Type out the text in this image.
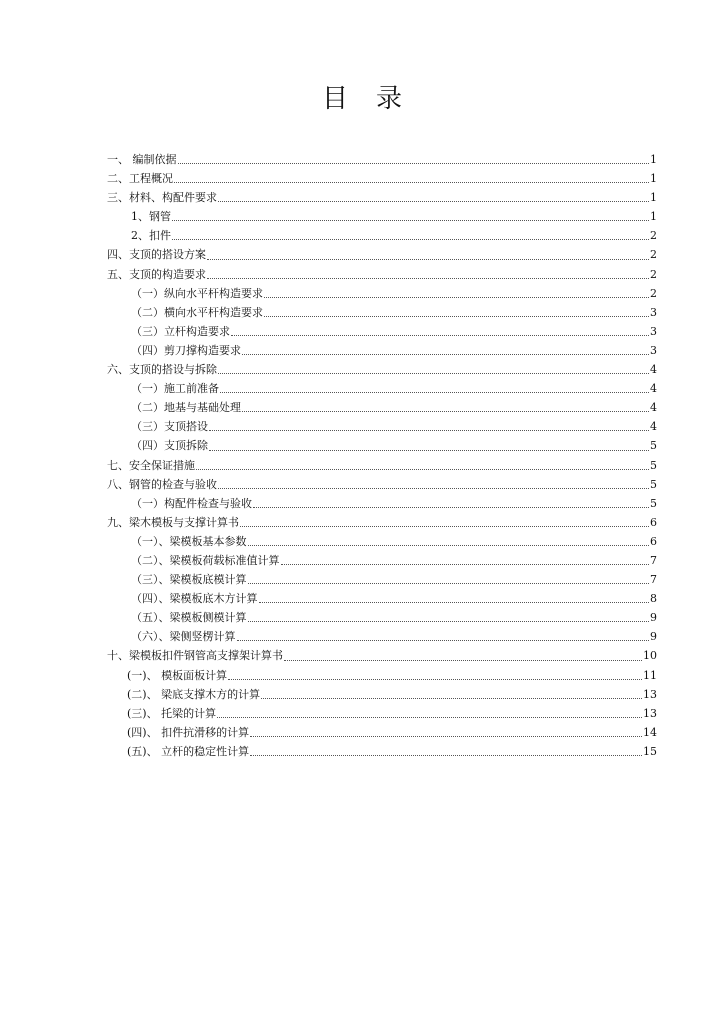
目 录
一、 编制依据	1
二、工程概况	1
三、材料、构配件要求	1
1、钢管	1
2、扣件	2
四、支顶的搭设方案	2
五、支顶的构造要求	2
（一）纵向水平杆构造要求	2
（二）横向水平杆构造要求	3
（三）立杆构造要求	3
（四）剪刀撑构造要求	3
六、支顶的搭设与拆除	4
（一）施工前准备	4
（二）地基与基础处理	4
（三）支顶搭设	4
（四）支顶拆除	5
七、安全保证措施	5
八、钢管的检查与验收	5
（一）构配件检查与验收	5
九、梁木模板与支撑计算书	6
（一）、梁模板基本参数	6
（二）、梁模板荷载标准值计算	7
（三）、梁模板底模计算	7
（四）、梁模板底木方计算	8
（五）、梁模板侧模计算	9
（六）、梁侧竖楞计算	9
十、梁模板扣件钢管高支撑架计算书	10
(一)、 模板面板计算	11
(二)、 梁底支撑木方的计算	13
(三)、 托梁的计算	13
(四)、 扣件抗滑移的计算	14
(五)、 立杆的稳定性计算	15
